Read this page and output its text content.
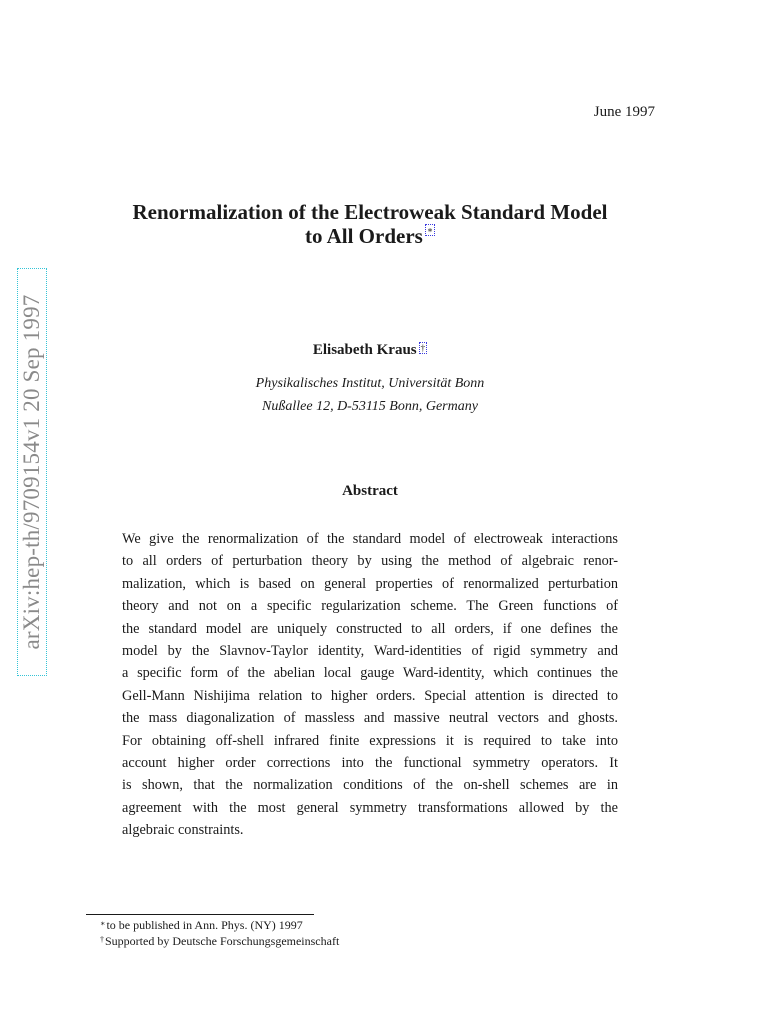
June 1997
arXiv:hep-th/9709154v1 20 Sep 1997
Renormalization of the Electroweak Standard Model
to All Orders ∗
Elisabeth Kraus †
Physikalisches Institut, Universität Bonn
Nußallee 12, D-53115 Bonn, Germany
Abstract
We give the renormalization of the standard model of electroweak interactions
to all orders of perturbation theory by using the method of algebraic renor-
malization, which is based on general properties of renormalized perturbation
theory and not on a specific regularization scheme. The Green functions of
the standard model are uniquely constructed to all orders, if one defines the
model by the Slavnov-Taylor identity, Ward-identities of rigid symmetry and
a specific form of the abelian local gauge Ward-identity, which continues the
Gell-Mann Nishijima relation to higher orders. Special attention is directed to
the mass diagonalization of massless and massive neutral vectors and ghosts.
For obtaining off-shell infrared finite expressions it is required to take into
account higher order corrections into the functional symmetry operators. It
is shown, that the normalization conditions of the on-shell schemes are in
agreement with the most general symmetry transformations allowed by the
algebraic constraints.
∗to be published in Ann. Phys. (NY) 1997
†Supported by Deutsche Forschungsgemeinschaft
